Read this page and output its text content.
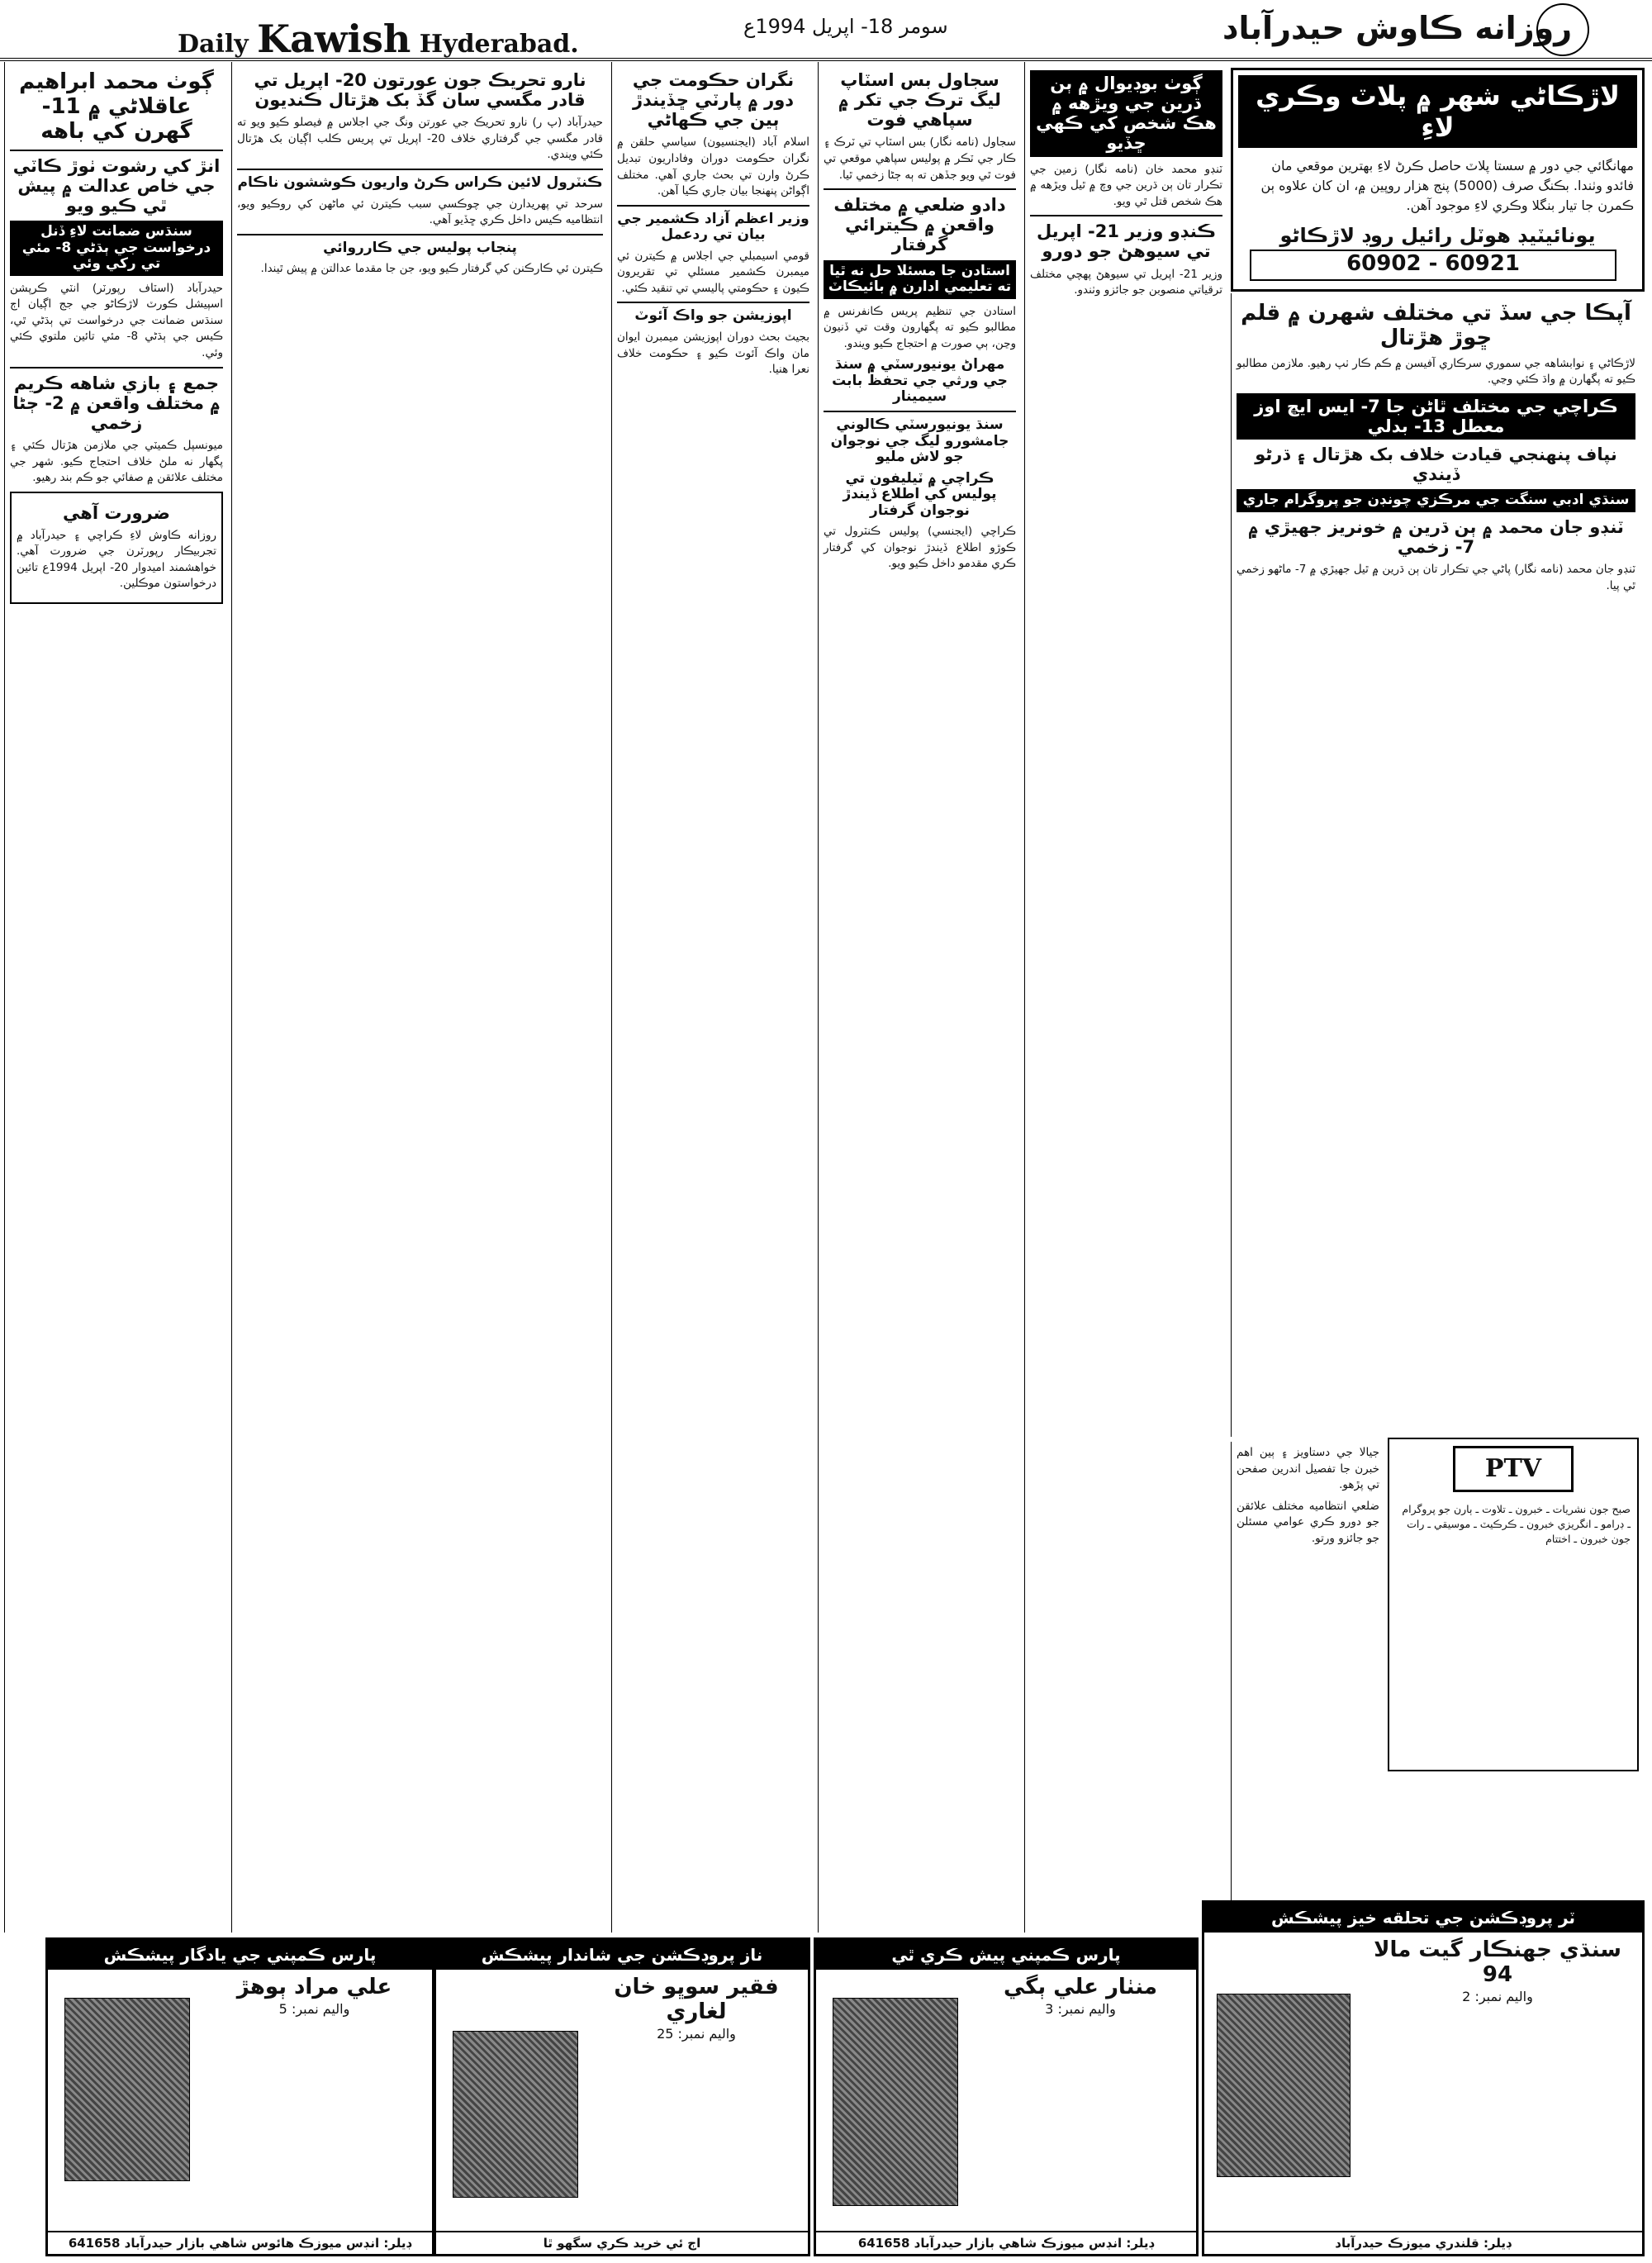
Daily Kawish Hyderabad.
سومر 18- اپريل 1994ع	روزانه ڪاوش حيدرآباد
ڳوٺ محمد ابراهيم عاقلاڻي ۾ 11- گهرن کي باهه
انڙ کي رشوت ٺوڙ ڪاٽي جي خاص عدالت ۾ پيش ٿي ڪيو ويو
سنڌس ضمانت لاءِ ڏنل درخواست جي ٻڌڻي 8- مئي تي رکي وئي

حيدرآباد (اسٽاف رپورٽر) انٽي ڪرپشن اسپيشل ڪورٽ لاڙڪاڻو جي جج اڳيان اڄ سنڌس ضمانت جي درخواست تي ٻڌڻي ٿي، ڪيس جي ٻڌڻي 8- مئي تائين ملتوي ڪئي وئي.

جمع ۽ بازي شاهه ڪريم ۾ مختلف واقعن ۾ 2- ڄڻا زخمي

ميونسپل ڪميٽي جي ملازمن هڙتال ڪئي ۽ پگهار نه ملڻ خلاف احتجاج ڪيو. شهر جي مختلف علائقن ۾ صفائي جو ڪم بند رهيو.

ضرورت آهي

روزانه ڪاوش لاءِ ڪراچي ۽ حيدرآباد ۾ تجربيڪار رپورٽرن جي ضرورت آهي. خواهشمند اميدوار 20- اپريل 1994ع تائين درخواستون موڪلين.

نارو تحريڪ جون عورتون 20- اپريل تي قادر مگسي سان گڏ بک هڙتال ڪنديون

حيدرآباد (پ ر) نارو تحريڪ جي عورتن ونگ جي اجلاس ۾ فيصلو ڪيو ويو ته قادر مگسي جي گرفتاري خلاف 20- اپريل تي پريس ڪلب اڳيان بک هڙتال ڪئي ويندي.

ڪنٽرول لائين ڪراس ڪرڻ واريون ڪوششون ناڪام

سرحد تي پهريدارن جي چوڪسي سبب ڪيترن ئي ماڻهن کي روڪيو ويو، انتظاميه ڪيس داخل ڪري ڇڏيو آهي.

پنجاب پوليس جي ڪارروائي

ڪيترن ئي ڪارڪنن کي گرفتار ڪيو ويو، جن جا مقدما عدالتن ۾ پيش ٿيندا.

نگران حڪومت جي دور ۾ پارٽي ڇڏيندڙ ٻين جي ڪهاڻي

اسلام آباد (ايجنسيون) سياسي حلقن ۾ نگران حڪومت دوران وفاداريون تبديل ڪرڻ وارن تي بحث جاري آهي. مختلف اڳواڻن پنهنجا بيان جاري ڪيا آهن.

وزير اعظم آزاد ڪشمير جي بيان تي ردعمل

قومي اسيمبلي جي اجلاس ۾ ڪيترن ئي ميمبرن ڪشمير مسئلي تي تقريرون ڪيون ۽ حڪومتي پاليسي تي تنقيد ڪئي.

اپوزيشن جو واڪ آئوٽ

بجيٽ بحث دوران اپوزيشن ميمبرن ايوان مان واڪ آئوٽ ڪيو ۽ حڪومت خلاف نعرا هنيا.

سجاول بس اسٽاپ ليگ ترڪ جي تکر ۾ سپاهي فوت

سجاول (نامه نگار) بس اسٽاپ تي ٽرڪ ۽ ڪار جي ٽڪر ۾ پوليس سپاهي موقعي تي فوت ٿي ويو جڏهن ته ٻه ڄڻا زخمي ٿيا.

دادو ضلعي ۾ مختلف واقعن ۾ ڪيترائي گرفتار
استادن جا مسئلا حل نه ٿيا ته تعليمي ادارن ۾ بائيڪاٽ

استادن جي تنظيم پريس ڪانفرنس ۾ مطالبو ڪيو ته پگهارون وقت تي ڏنيون وڃن، ٻي صورت ۾ احتجاج ڪيو ويندو.

مهراڻ يونيورسٽي ۾ سنڌ جي ورثي جي تحفظ بابت سيمينار
سنڌ يونيورسٽي ڪالوني جامشورو ليگ جي نوجوان جو لاش مليو
ڪراچي ۾ ٽيليفون تي پوليس کي اطلاع ڏيندڙ نوجوان گرفتار

ڪراچي (ايجنسي) پوليس ڪنٽرول تي ڪوڙو اطلاع ڏيندڙ نوجوان کي گرفتار ڪري مقدمو داخل ڪيو ويو.

ڳوٺ بوڊيوال ۾ ٻن ڌرين جي ويڙهه ۾ هڪ شخص کي ڪهي ڇڏيو

ٽنڊو محمد خان (نامه نگار) زمين جي تڪرار تان ٻن ڌرين جي وچ ۾ ٿيل ويڙهه ۾ هڪ شخص قتل ٿي ويو.

ڪنڊو وزير 21- اپريل تي سيوهڻ جو دورو

وزير 21- اپريل تي سيوهڻ پهچي مختلف ترقياتي منصوبن جو جائزو وٺندو.

لاڙڪاڻي شهر ۾ پلاٽ وڪري لاءِ
مهانگائي جي دور ۾ سستا پلاٽ حاصل ڪرڻ لاءِ بهترين موقعي مان فائدو وٺندا. بڪنگ صرف (5000) پنج هزار روپين ۾، ان کان علاوه ٻن ڪمرن جا تيار بنگلا وڪري لاءِ موجود آهن.
يونائيٽيڊ هوٽل رائيل روڊ لاڙڪاڻو
60921 - 60902
آپڪا جي سڏ تي مختلف شهرن ۾ قلم ڇوڙ هڙتال

لاڙڪاڻي ۽ نوابشاهه جي سموري سرڪاري آفيسن ۾ ڪم ڪار ٺپ رهيو. ملازمن مطالبو ڪيو ته پگهارن ۾ واڌ ڪئي وڃي.

ڪراچي جي مختلف ٿاڻن جا 7- ايس ايڇ اوز معطل 13- بدلي
نپاف پنهنجي قيادت خلاف بک هڙتال ۽ ڌرڻو ڏيندي
سنڌي ادبي سنگت جي مرڪزي چونڊن جو پروگرام جاري
ٽنڊو جان محمد ۾ ٻن ڌرين ۾ خونريز جهيڙي ۾ 7- زخمي

ٽنڊو جان محمد (نامه نگار) پاڻي جي تڪرار تان ٻن ڌرين ۾ ٿيل جهيڙي ۾ 7- ماڻهو زخمي ٿي پيا.

جيالا جي دستاويز ۽ ٻين اهم خبرن جا تفصيل اندرين صفحن تي پڙهو.

ضلعي انتظاميه مختلف علائقن جو دورو ڪري عوامي مسئلن جو جائزو ورتو.

PTV
صبح جون نشريات ـ خبرون ـ تلاوت ـ ٻارن جو پروگرام ـ ڊرامو ـ انگريزي خبرون ـ ڪرڪيٽ ـ موسيقي ـ رات جون خبرون ـ اختتام
پارس ڪمپني جي يادگار پيشڪش
علي مراد ٻوهڙ
واليم نمبر: 5
ڊيلر: انڊس ميوزڪ هائوس شاهي بازار حيدرآباد 641658
ناز پروڊڪشن جي شاندار پيشڪش
فقير سوڀو خان لغاري
واليم نمبر: 25
اڄ ئي خريد ڪري سگهو ٿا
پارس ڪمپني پيش ڪري ٿي
منٺار علي ٻگي
واليم نمبر: 3
ڊيلر: انڊس ميوزڪ شاهي بازار حيدرآباد 641658
ٽر پروڊڪشن جي تحلقه خيز پيشڪش
سنڌي جهنڪار گيت مالا 94
واليم نمبر: 2
ڊيلر: قلندري ميوزڪ حيدرآباد
